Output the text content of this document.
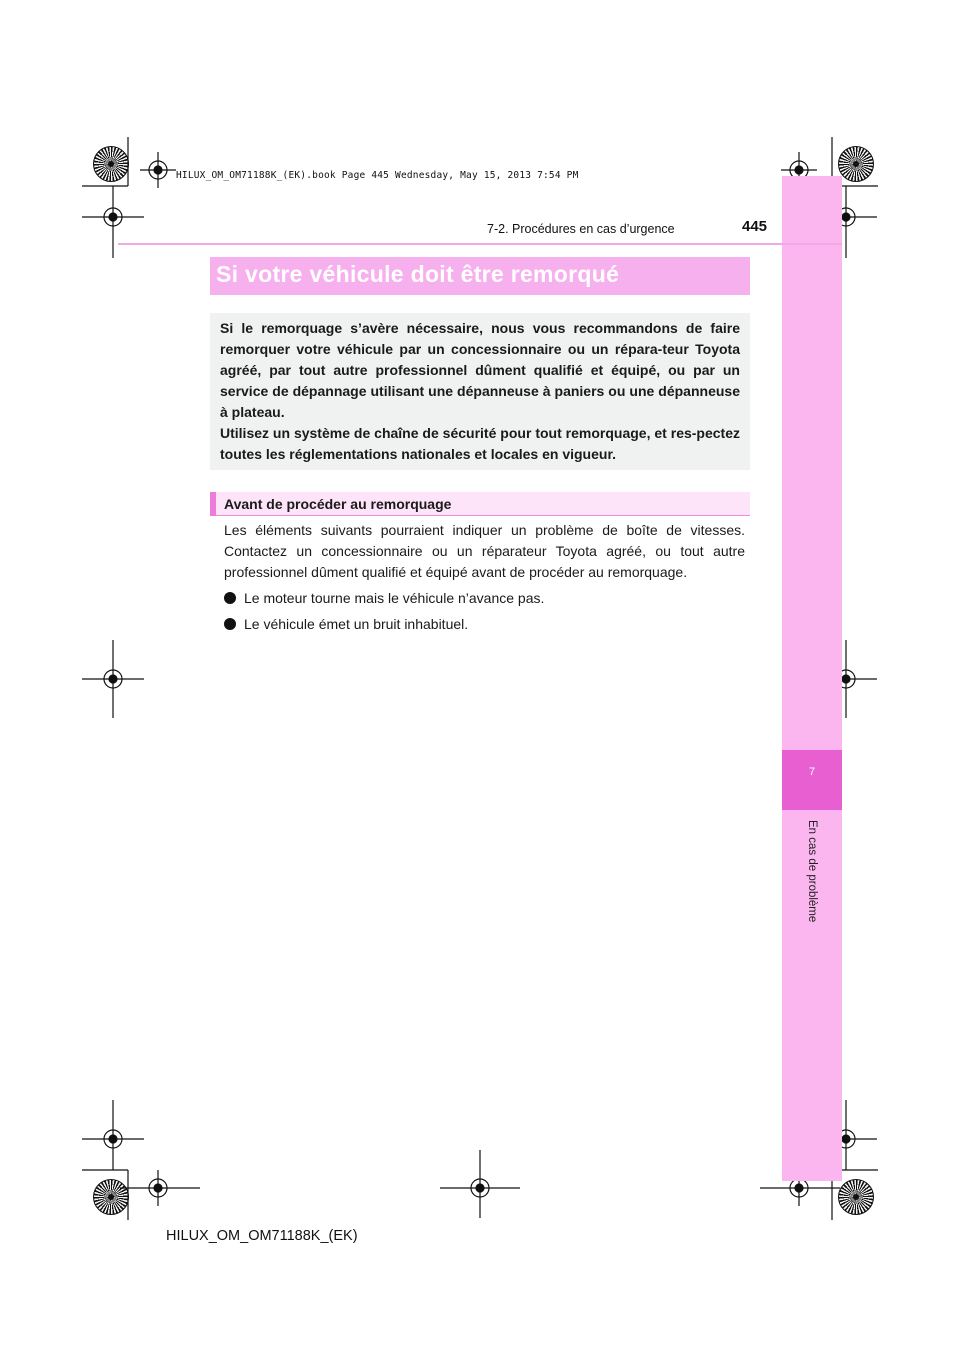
HILUX_OM_OM71188K_(EK).book Page 445 Wednesday, May 15, 2013 7:54 PM
7
En cas de problème
7-2. Procédures en cas d’urgence	445
Si votre véhicule doit être remorqué

Si le remorquage s’avère nécessaire, nous vous recommandons de faire remorquer votre véhicule par un concessionnaire ou un répara-teur Toyota agréé, par tout autre professionnel dûment qualifié et équipé, ou par un service de dépannage utilisant une dépanneuse à paniers ou une dépanneuse à plateau.

Utilisez un système de chaîne de sécurité pour tout remorquage, et res-pectez toutes les réglementations nationales et locales en vigueur.

Avant de procéder au remorquage
Les éléments suivants pourraient indiquer un problème de boîte de vitesses. Contactez un concessionnaire ou un réparateur Toyota agréé, ou tout autre professionnel dûment qualifié et équipé avant de procéder au remorquage.
Le moteur tourne mais le véhicule n’avance pas.
Le véhicule émet un bruit inhabituel.
HILUX_OM_OM71188K_(EK)
